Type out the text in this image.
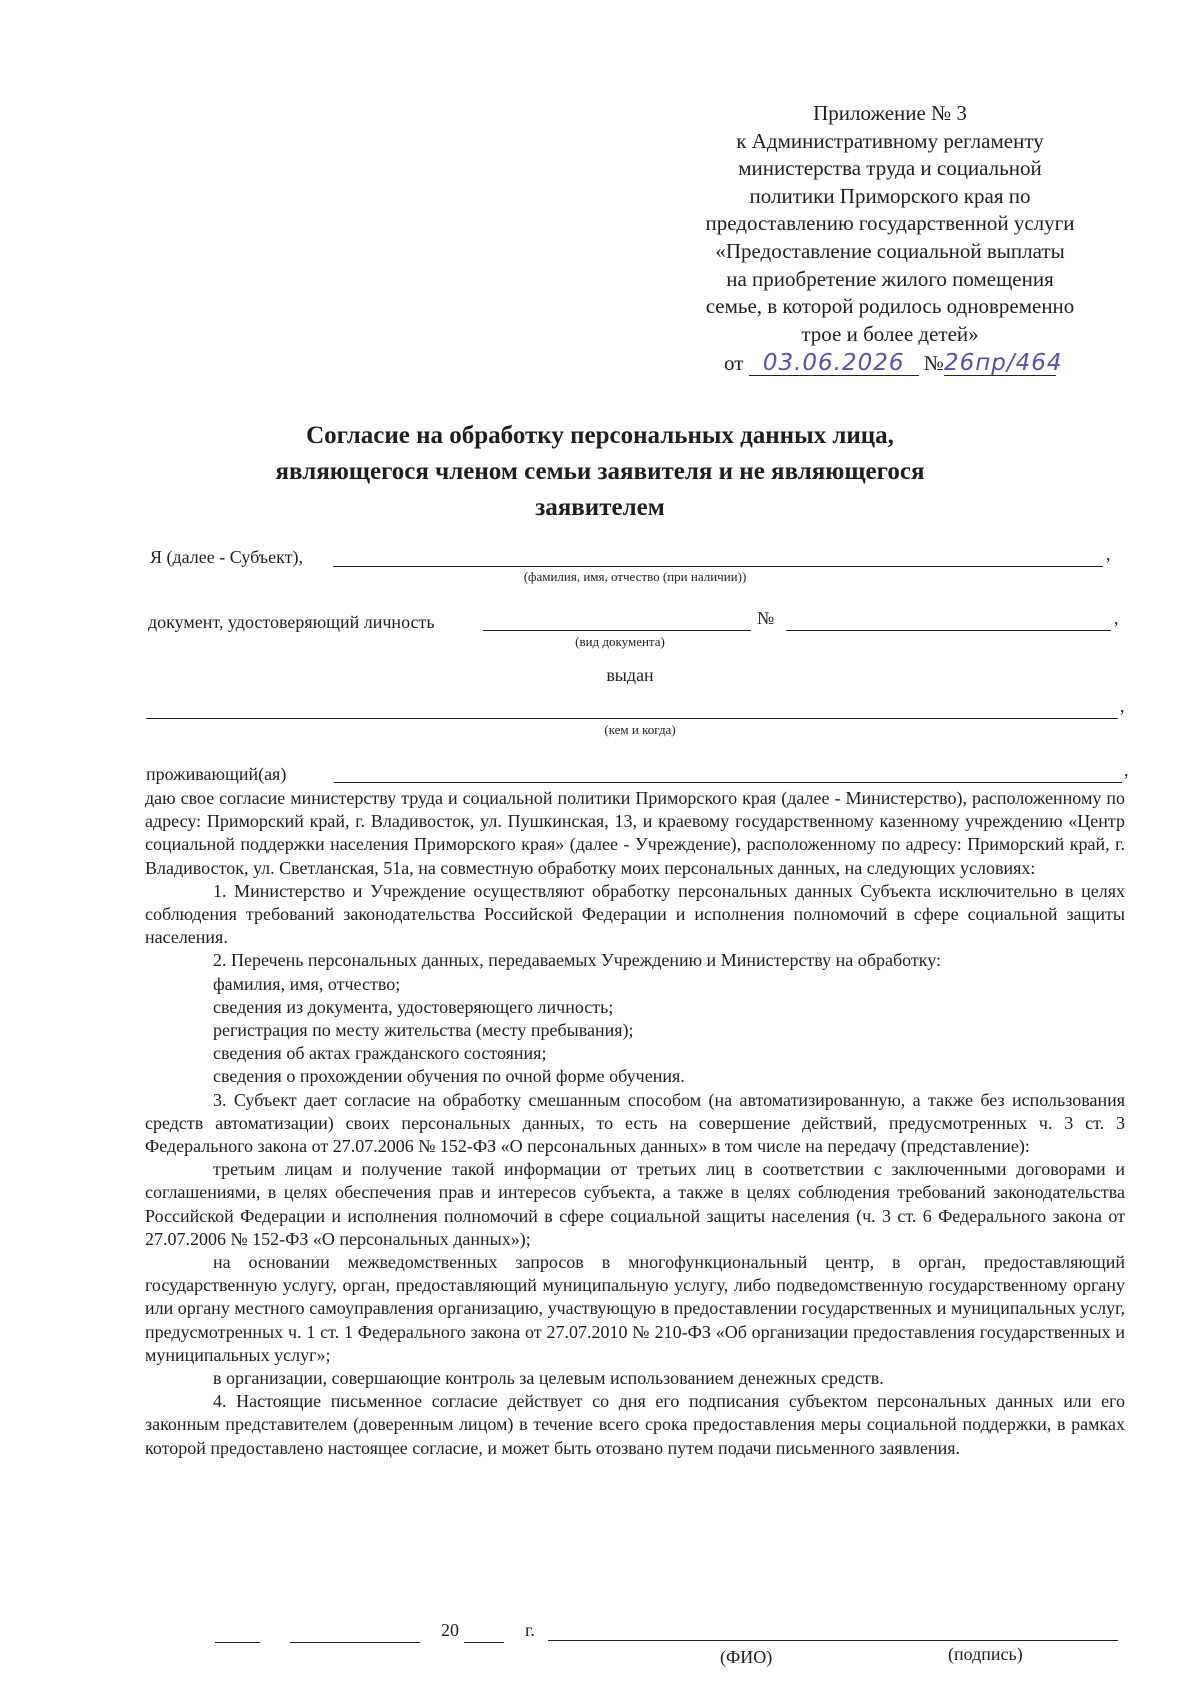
Приложение № 3
к Административному регламенту
министерства труда и социальной
политики Приморского края по
предоставлению государственной услуги
«Предоставление социальной выплаты
на приобретение жилого помещения
семье, в которой родилось одновременно
трое и более детей»
от 03.06.2026 №26пр/464
Согласие на обработку персональных данных лица,
являющегося членом семьи заявителя и не являющегося
заявителем
Я (далее - Субъект),	,
(фамилия, имя, отчество (при наличии))
документ, удостоверяющий личность	№	,
(вид документа)
выдан
,
(кем и когда)
проживающий(ая)	,

даю свое согласие министерству труда и социальной политики Приморского края (далее - Министерство), расположенному по адресу: Приморский край, г. Владивосток, ул. Пушкинская, 13, и краевому государственному казенному учреждению «Центр социальной поддержки населения Приморского края» (далее - Учреждение), расположенному по адресу: Приморский край, г. Владивосток, ул. Светланская, 51а, на совместную обработку моих персональных данных, на следующих условиях:

1. Министерство и Учреждение осуществляют обработку персональных данных Субъекта исключительно в целях соблюдения требований законодательства Российской Федерации и исполнения полномочий в сфере социальной защиты населения.

2. Перечень персональных данных, передаваемых Учреждению и Министерству на обработку:

фамилия, имя, отчество;

сведения из документа, удостоверяющего личность;

регистрация по месту жительства (месту пребывания);

сведения об актах гражданского состояния;

сведения о прохождении обучения по очной форме обучения.

3. Субъект дает согласие на обработку смешанным способом (на автоматизированную, а также без использования средств автоматизации) своих персональных данных, то есть на совершение действий, предусмотренных ч. 3 ст. 3 Федерального закона от 27.07.2006 № 152-ФЗ «О персональных данных» в том числе на передачу (представление):

третьим лицам и получение такой информации от третьих лиц в соответствии с заключенными договорами и соглашениями, в целях обеспечения прав и интересов субъекта, а также в целях соблюдения требований законодательства Российской Федерации и исполнения полномочий в сфере социальной защиты населения (ч. 3 ст. 6 Федерального закона от 27.07.2006 № 152-ФЗ «О персональных данных»);

на основании межведомственных запросов в многофункциональный центр, в орган, предоставляющий государственную услугу, орган, предоставляющий муниципальную услугу, либо подведомственную государственному органу или органу местного самоуправления организацию, участвующую в предоставлении государственных и муниципальных услуг, предусмотренных ч. 1 ст. 1 Федерального закона от 27.07.2010 № 210-ФЗ «Об организации предоставления государственных и муниципальных услуг»;

в организации, совершающие контроль за целевым использованием денежных средств.

4. Настоящие письменное согласие действует со дня его подписания субъектом персональных данных или его законным представителем (доверенным лицом) в течение всего срока предоставления меры социальной поддержки, в рамках которой предоставлено настоящее согласие, и может быть отозвано путем подачи письменного заявления.

20	г.
(ФИО)	(подпись)
